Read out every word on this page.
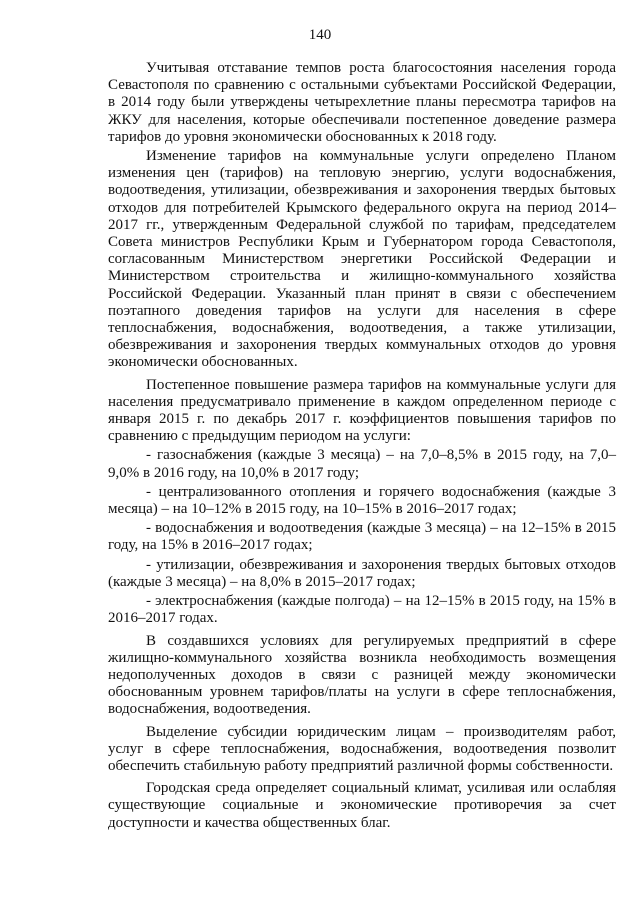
140

Учитывая отставание темпов роста благосостояния населения города Севастополя по сравнению с остальными субъектами Российской Федерации, в 2014 году были утверждены четырехлетние планы пересмотра тарифов на ЖКУ для населения, которые обеспечивали постепенное доведение размера тарифов до уровня экономически обоснованных к 2018 году.

Изменение тарифов на коммунальные услуги определено Планом изменения цен (тарифов) на тепловую энергию, услуги водоснабжения, водоотведения, утилизации, обезвреживания и захоронения твердых бытовых отходов для потребителей Крымского федерального округа на период 2014–2017 гг., утвержденным Федеральной службой по тарифам, председателем Совета министров Республики Крым и Губернатором города Севастополя, согласованным Министерством энергетики Российской Федерации и Министерством строительства и жилищно-коммунального хозяйства Российской Федерации. Указанный план принят в связи с обеспечением поэтапного доведения тарифов на услуги для населения в сфере теплоснабжения, водоснабжения, водоотведения, а также утилизации, обезвреживания и захоронения твердых коммунальных отходов до уровня экономически обоснованных.

Постепенное повышение размера тарифов на коммунальные услуги для населения предусматривало применение в каждом определенном периоде с января 2015 г. по декабрь 2017 г. коэффициентов повышения тарифов по сравнению с предыдущим периодом на услуги:

- газоснабжения (каждые 3 месяца) – на 7,0–8,5% в 2015 году, на 7,0–9,0% в 2016 году, на 10,0% в 2017 году;

- централизованного отопления и горячего водоснабжения (каждые 3 месяца) – на 10–12% в 2015 году, на 10–15% в 2016–2017 годах;

- водоснабжения и водоотведения (каждые 3 месяца) – на 12–15% в 2015 году, на 15% в 2016–2017 годах;

- утилизации, обезвреживания и захоронения твердых бытовых отходов (каждые 3 месяца) – на 8,0% в 2015–2017 годах;

- электроснабжения (каждые полгода) – на 12–15% в 2015 году, на 15% в 2016–2017 годах.

В создавшихся условиях для регулируемых предприятий в сфере жилищно-коммунального хозяйства возникла необходимость возмещения недополученных доходов в связи с разницей между экономически обоснованным уровнем тарифов/платы на услуги в сфере теплоснабжения, водоснабжения, водоотведения.

Выделение субсидии юридическим лицам – производителям работ, услуг в сфере теплоснабжения, водоснабжения, водоотведения позволит обеспечить стабильную работу предприятий различной формы собственности.

Городская среда определяет социальный климат, усиливая или ослабляя существующие социальные и экономические противоречия за счет доступности и качества общественных благ.
